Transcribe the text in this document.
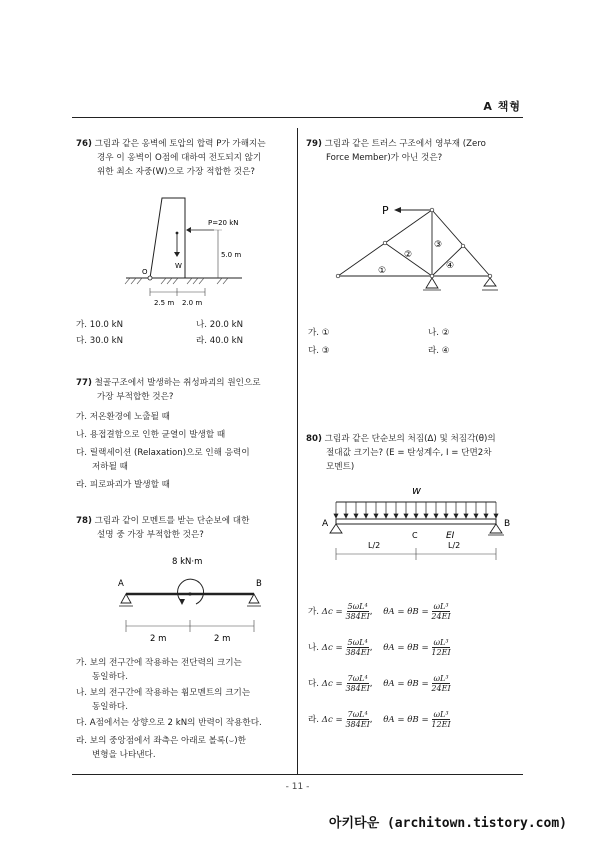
A 책형
76) 그림과 같은 옹벽에 토압의 합력 P가 가해지는
경우 이 옹벽이 O점에 대하여 전도되지 않기
위한 최소 자중(W)으로 가장 적합한 것은?
W
P=20 kN
5.0 m
O
2.5 m 2.0 m
가. 10.0 kN	나. 20.0 kN
다. 30.0 kN	라. 40.0 kN
77) 철골구조에서 발생하는 취성파괴의 원인으로
가장 부적합한 것은?
가. 저온환경에 노출될 때
나. 용접결함으로 인한 균열이 발생할 때
다. 릴랙세이션 (Relaxation)으로 인해 응력이
저하될 때
라. 피로파괴가 발생할 때
78) 그림과 같이 모멘트를 받는 단순보에 대한
설명 중 가장 부적합한 것은?
8 kN·m
A	B
2 m	2 m
가. 보의 전구간에 작용하는 전단력의 크기는
동일하다.
나. 보의 전구간에 작용하는 휨모멘트의 크기는
동일하다.
다. A점에서는 상향으로 2 kN의 반력이 작용한다.
라. 보의 중앙점에서 좌측은 아래로 볼록(⌣)한
변형을 나타낸다.
79) 그림과 같은 트러스 구조에서 영부재 (Zero
Force Member)가 아닌 것은?
P
①
②
③
④
가. ①	나. ②
다. ③	라. ④
80) 그림과 같은 단순보의 처짐(Δ) 및 처짐각(θ)의
절대값 크기는? (E = 탄성계수, I = 단면2차
모멘트)
w
A	B
C	EI
L/2	L/2
가. $\Delta c = \frac{\text{5ωL⁴}}{384EI}$ , $\theta A = \theta B = \frac{\text{ωL³}}{24EI}$
나. $\Delta c = \frac{\text{5ωL⁴}}{384EI}$ , $\theta A = \theta B = \frac{\text{ωL³}}{12EI}$
다. $\Delta c = \frac{\text{7ωL⁴}}{384EI}$ , $\theta A = \theta B = \frac{\text{ωL³}}{24EI}$
라. $\Delta c = \frac{\text{7ωL⁴}}{384EI}$ , $\theta A = \theta B = \frac{\text{ωL³}}{12EI}$
- 11 -
아키타운 (architown.tistory.com)
